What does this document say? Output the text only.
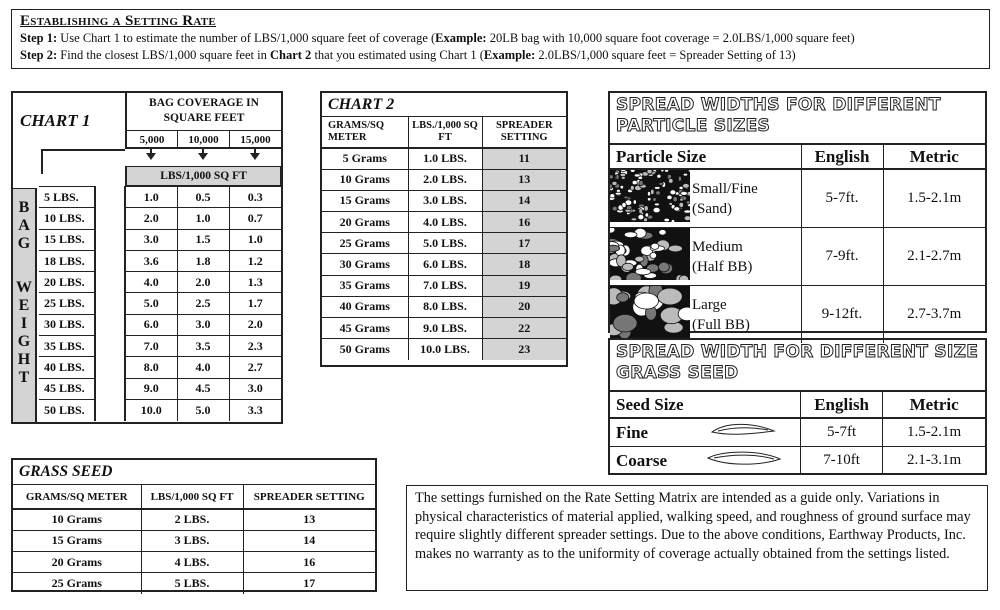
Establishing a Setting Rate
Step 1: Use Chart 1 to estimate the number of LBS/1,000 square feet of coverage (Example: 20LB bag with 10,000 square foot coverage = 2.0LBS/1,000 square feet)
Step 2: Find the closest LBS/1,000 square feet in Chart 2 that you estimated using Chart 1 (Example: 2.0LBS/1,000 square feet = Spreader Setting of 13)
CHART 1
BAG COVERAGE IN SQUARE FEET
5,000	10,000	15,000
LBS/1,000 SQ FT
B
A
G
W
E
I
G
H
T
5 LBS.		1.0	0.5	0.3
10 LBS.		2.0	1.0	0.7
15 LBS.		3.0	1.5	1.0
18 LBS.		3.6	1.8	1.2
20 LBS.		4.0	2.0	1.3
25 LBS.		5.0	2.5	1.7
30 LBS.		6.0	3.0	2.0
35 LBS.		7.0	3.5	2.3
40 LBS.		8.0	4.0	2.7
45 LBS.		9.0	4.5	3.0
50 LBS.		10.0	5.0	3.3
CHART 2
GRAMS/SQ METER	LBS./1,000 SQ FT	SPREADER SETTING
5 Grams	1.0 LBS.	11
10 Grams	2.0 LBS.	13
15 Grams	3.0 LBS.	14
20 Grams	4.0 LBS.	16
25 Grams	5.0 LBS.	17
30 Grams	6.0 LBS.	18
35 Grams	7.0 LBS.	19
40 Grams	8.0 LBS.	20
45 Grams	9.0 LBS.	22
50 Grams	10.0 LBS.	23
SPREAD WIDTHS FOR DIFFERENT PARTICLE SIZES
Particle Size		English	Metric

Small/Fine
(Sand)	5-7ft.	1.5-2.1m

Medium
(Half BB)	7-9ft.	2.1-2.7m

Large
(Full BB)	9-12ft.	2.7-3.7m
SPREAD WIDTH FOR DIFFERENT SIZE GRASS SEED
Seed Size		English	Metric
Fine		5-7ft	1.5-2.1m
Coarse		7-10ft	2.1-3.1m
GRASS SEED
GRAMS/SQ METER	LBS/1,000 SQ FT	SPREADER SETTING
10 Grams	2 LBS.	13
15 Grams	3 LBS.	14
20 Grams	4 LBS.	16
25 Grams	5 LBS.	17
The settings furnished on the Rate Setting Matrix are intended as a guide only. Variations in physical characteristics of material applied, walking speed, and roughness of ground surface may require slightly different spreader settings. Due to the above conditions, Earthway Products, Inc. makes no warranty as to the uniformity of coverage actually obtained from the settings listed.
